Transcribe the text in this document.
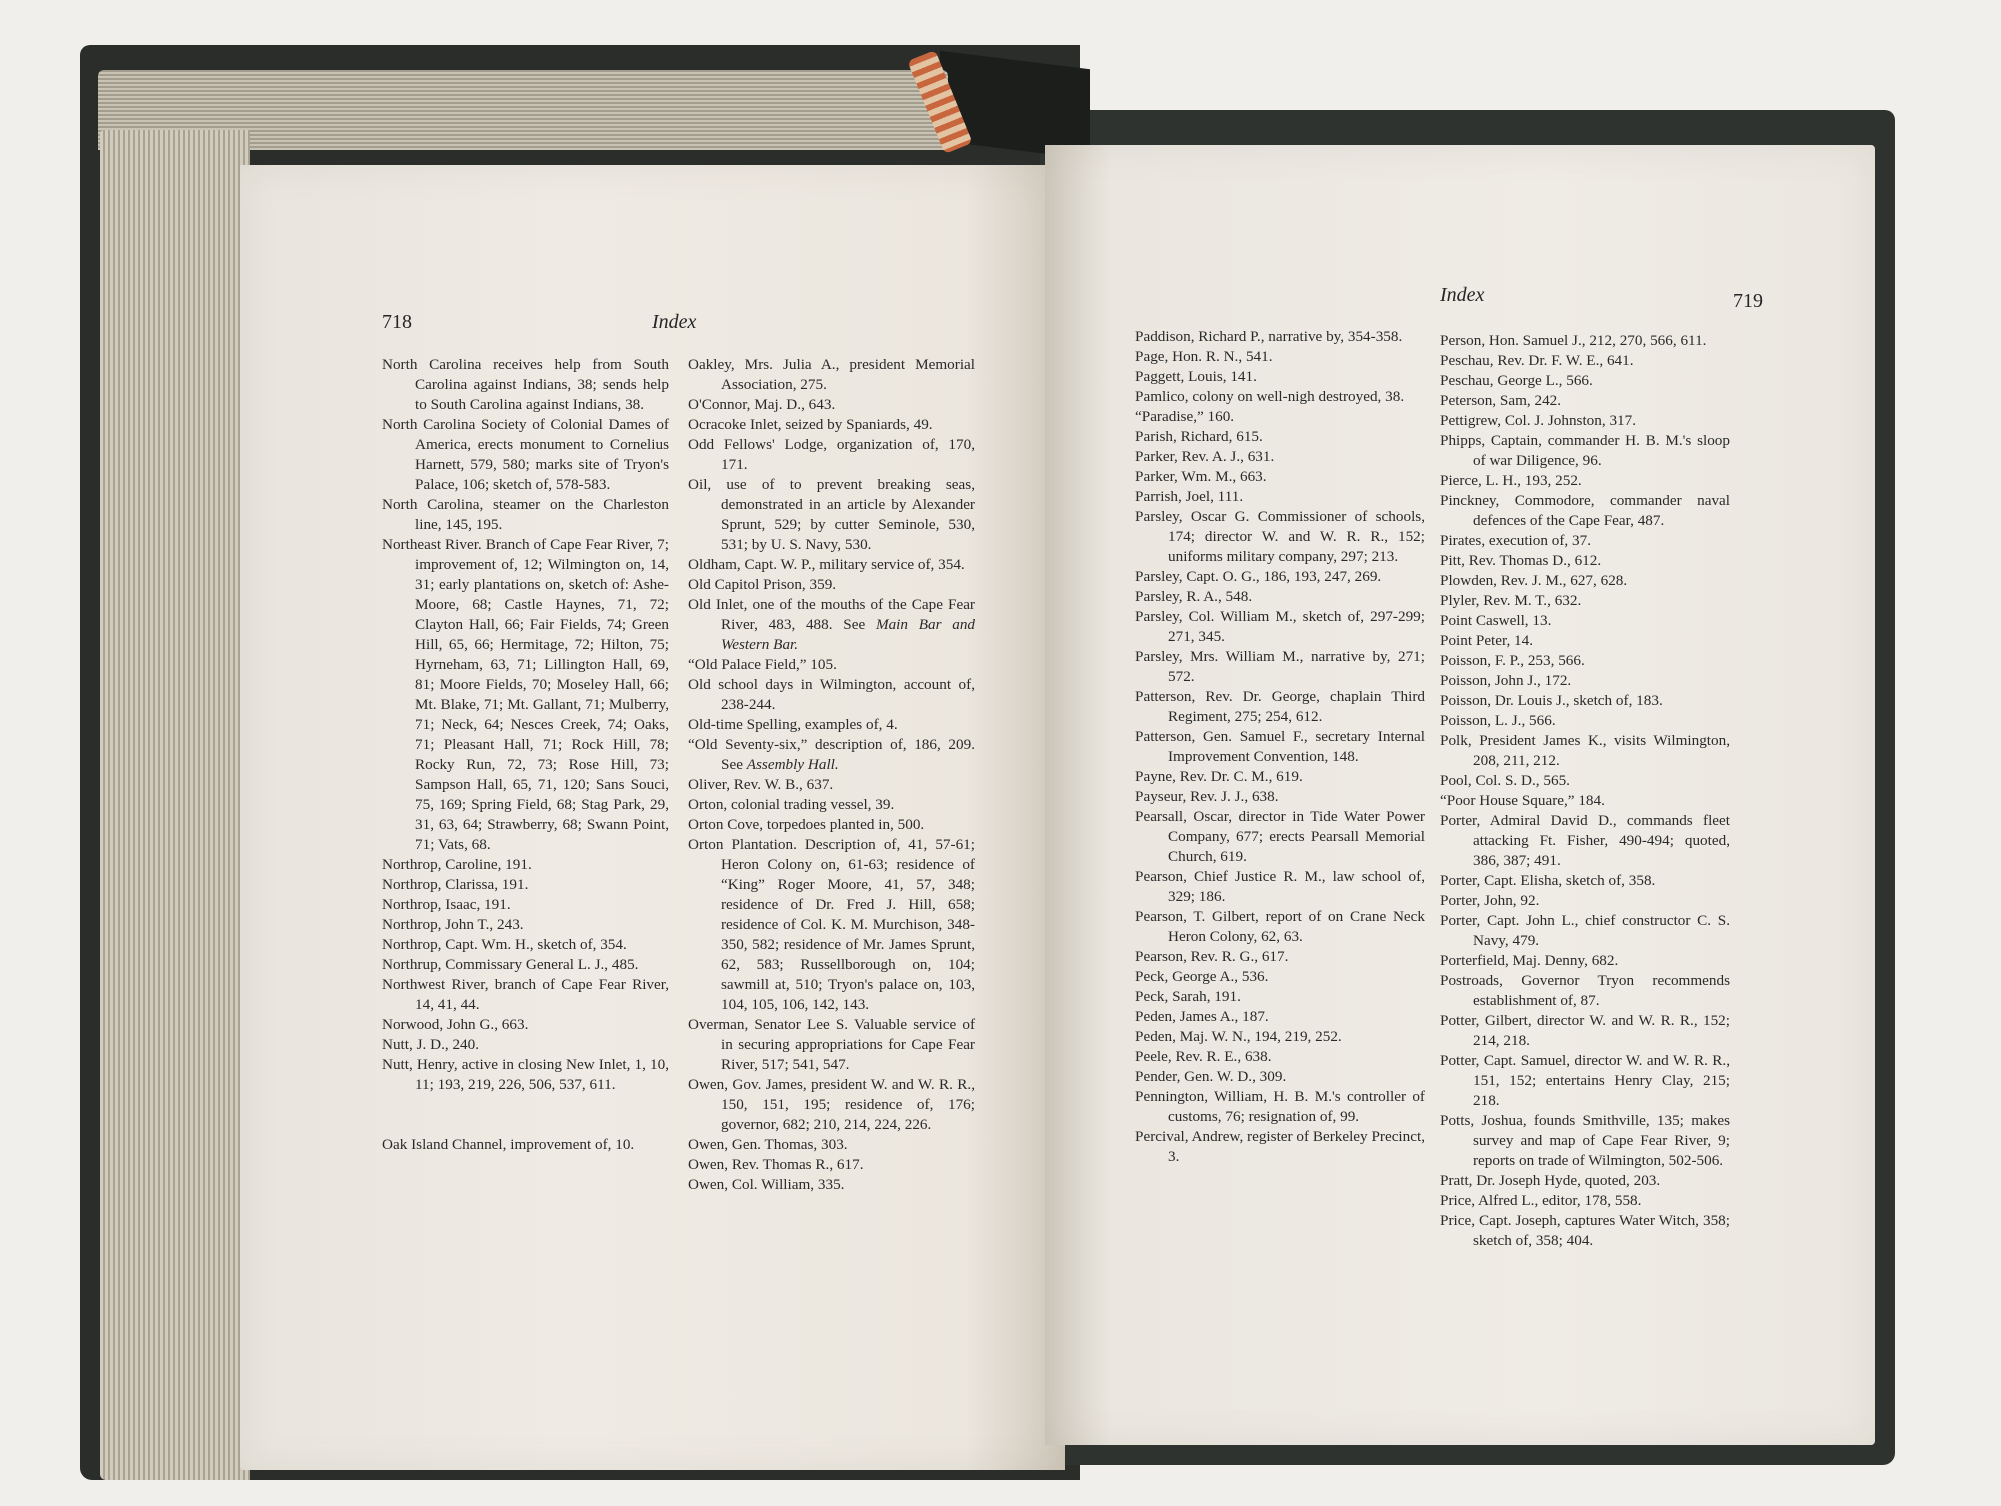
718	Index

North Carolina receives help from South Carolina against Indians, 38; sends help to South Carolina against Indians, 38.

North Carolina Society of Colonial Dames of America, erects monument to Cornelius Harnett, 579, 580; marks site of Tryon's Palace, 106; sketch of, 578-583.

North Carolina, steamer on the Charleston line, 145, 195.

Northeast River. Branch of Cape Fear River, 7; improvement of, 12; Wilmington on, 14, 31; early plantations on, sketch of: Ashe-Moore, 68; Castle Haynes, 71, 72; Clayton Hall, 66; Fair Fields, 74; Green Hill, 65, 66; Hermitage, 72; Hilton, 75; Hyrneham, 63, 71; Lillington Hall, 69, 81; Moore Fields, 70; Moseley Hall, 66; Mt. Blake, 71; Mt. Gallant, 71; Mulberry, 71; Neck, 64; Nesces Creek, 74; Oaks, 71; Pleasant Hall, 71; Rock Hill, 78; Rocky Run, 72, 73; Rose Hill, 73; Sampson Hall, 65, 71, 120; Sans Souci, 75, 169; Spring Field, 68; Stag Park, 29, 31, 63, 64; Strawberry, 68; Swann Point, 71; Vats, 68.

Northrop, Caroline, 191.

Northrop, Clarissa, 191.

Northrop, Isaac, 191.

Northrop, John T., 243.

Northrop, Capt. Wm. H., sketch of, 354.

Northrup, Commissary General L. J., 485.

Northwest River, branch of Cape Fear River, 14, 41, 44.

Norwood, John G., 663.

Nutt, J. D., 240.

Nutt, Henry, active in closing New Inlet, 1, 10, 11; 193, 219, 226, 506, 537, 611.

Oak Island Channel, improvement of, 10.

Oakley, Mrs. Julia A., president Memorial Association, 275.

O'Connor, Maj. D., 643.

Ocracoke Inlet, seized by Spaniards, 49.

Odd Fellows' Lodge, organization of, 170, 171.

Oil, use of to prevent breaking seas, demonstrated in an article by Alexander Sprunt, 529; by cutter Seminole, 530, 531; by U. S. Navy, 530.

Oldham, Capt. W. P., military service of, 354.

Old Capitol Prison, 359.

Old Inlet, one of the mouths of the Cape Fear River, 483, 488. See Main Bar and Western Bar.

“Old Palace Field,” 105.

Old school days in Wilmington, account of, 238-244.

Old-time Spelling, examples of, 4.

“Old Seventy-six,” description of, 186, 209. See Assembly Hall.

Oliver, Rev. W. B., 637.

Orton, colonial trading vessel, 39.

Orton Cove, torpedoes planted in, 500.

Orton Plantation. Description of, 41, 57-61; Heron Colony on, 61-63; residence of “King” Roger Moore, 41, 57, 348; residence of Dr. Fred J. Hill, 658; residence of Col. K. M. Murchison, 348-350, 582; residence of Mr. James Sprunt, 62, 583; Russellborough on, 104; sawmill at, 510; Tryon's palace on, 103, 104, 105, 106, 142, 143.

Overman, Senator Lee S. Valuable service of in securing appropriations for Cape Fear River, 517; 541, 547.

Owen, Gov. James, president W. and W. R. R., 150, 151, 195; residence of, 176; governor, 682; 210, 214, 224, 226.

Owen, Gen. Thomas, 303.

Owen, Rev. Thomas R., 617.

Owen, Col. William, 335.

Index	719

Paddison, Richard P., narrative by, 354-358.

Page, Hon. R. N., 541.

Paggett, Louis, 141.

Pamlico, colony on well-nigh destroyed, 38.

“Paradise,” 160.

Parish, Richard, 615.

Parker, Rev. A. J., 631.

Parker, Wm. M., 663.

Parrish, Joel, 111.

Parsley, Oscar G. Commissioner of schools, 174; director W. and W. R. R., 152; uniforms military company, 297; 213.

Parsley, Capt. O. G., 186, 193, 247, 269.

Parsley, R. A., 548.

Parsley, Col. William M., sketch of, 297-299; 271, 345.

Parsley, Mrs. William M., narrative by, 271; 572.

Patterson, Rev. Dr. George, chaplain Third Regiment, 275; 254, 612.

Patterson, Gen. Samuel F., secretary Internal Improvement Convention, 148.

Payne, Rev. Dr. C. M., 619.

Payseur, Rev. J. J., 638.

Pearsall, Oscar, director in Tide Water Power Company, 677; erects Pearsall Memorial Church, 619.

Pearson, Chief Justice R. M., law school of, 329; 186.

Pearson, T. Gilbert, report of on Crane Neck Heron Colony, 62, 63.

Pearson, Rev. R. G., 617.

Peck, George A., 536.

Peck, Sarah, 191.

Peden, James A., 187.

Peden, Maj. W. N., 194, 219, 252.

Peele, Rev. R. E., 638.

Pender, Gen. W. D., 309.

Pennington, William, H. B. M.'s controller of customs, 76; resignation of, 99.

Percival, Andrew, register of Berkeley Precinct, 3.

Person, Hon. Samuel J., 212, 270, 566, 611.

Peschau, Rev. Dr. F. W. E., 641.

Peschau, George L., 566.

Peterson, Sam, 242.

Pettigrew, Col. J. Johnston, 317.

Phipps, Captain, commander H. B. M.'s sloop of war Diligence, 96.

Pierce, L. H., 193, 252.

Pinckney, Commodore, commander naval defences of the Cape Fear, 487.

Pirates, execution of, 37.

Pitt, Rev. Thomas D., 612.

Plowden, Rev. J. M., 627, 628.

Plyler, Rev. M. T., 632.

Point Caswell, 13.

Point Peter, 14.

Poisson, F. P., 253, 566.

Poisson, John J., 172.

Poisson, Dr. Louis J., sketch of, 183.

Poisson, L. J., 566.

Polk, President James K., visits Wilmington, 208, 211, 212.

Pool, Col. S. D., 565.

“Poor House Square,” 184.

Porter, Admiral David D., commands fleet attacking Ft. Fisher, 490-494; quoted, 386, 387; 491.

Porter, Capt. Elisha, sketch of, 358.

Porter, John, 92.

Porter, Capt. John L., chief constructor C. S. Navy, 479.

Porterfield, Maj. Denny, 682.

Postroads, Governor Tryon recommends establishment of, 87.

Potter, Gilbert, director W. and W. R. R., 152; 214, 218.

Potter, Capt. Samuel, director W. and W. R. R., 151, 152; entertains Henry Clay, 215; 218.

Potts, Joshua, founds Smithville, 135; makes survey and map of Cape Fear River, 9; reports on trade of Wilmington, 502-506.

Pratt, Dr. Joseph Hyde, quoted, 203.

Price, Alfred L., editor, 178, 558.

Price, Capt. Joseph, captures Water Witch, 358; sketch of, 358; 404.
